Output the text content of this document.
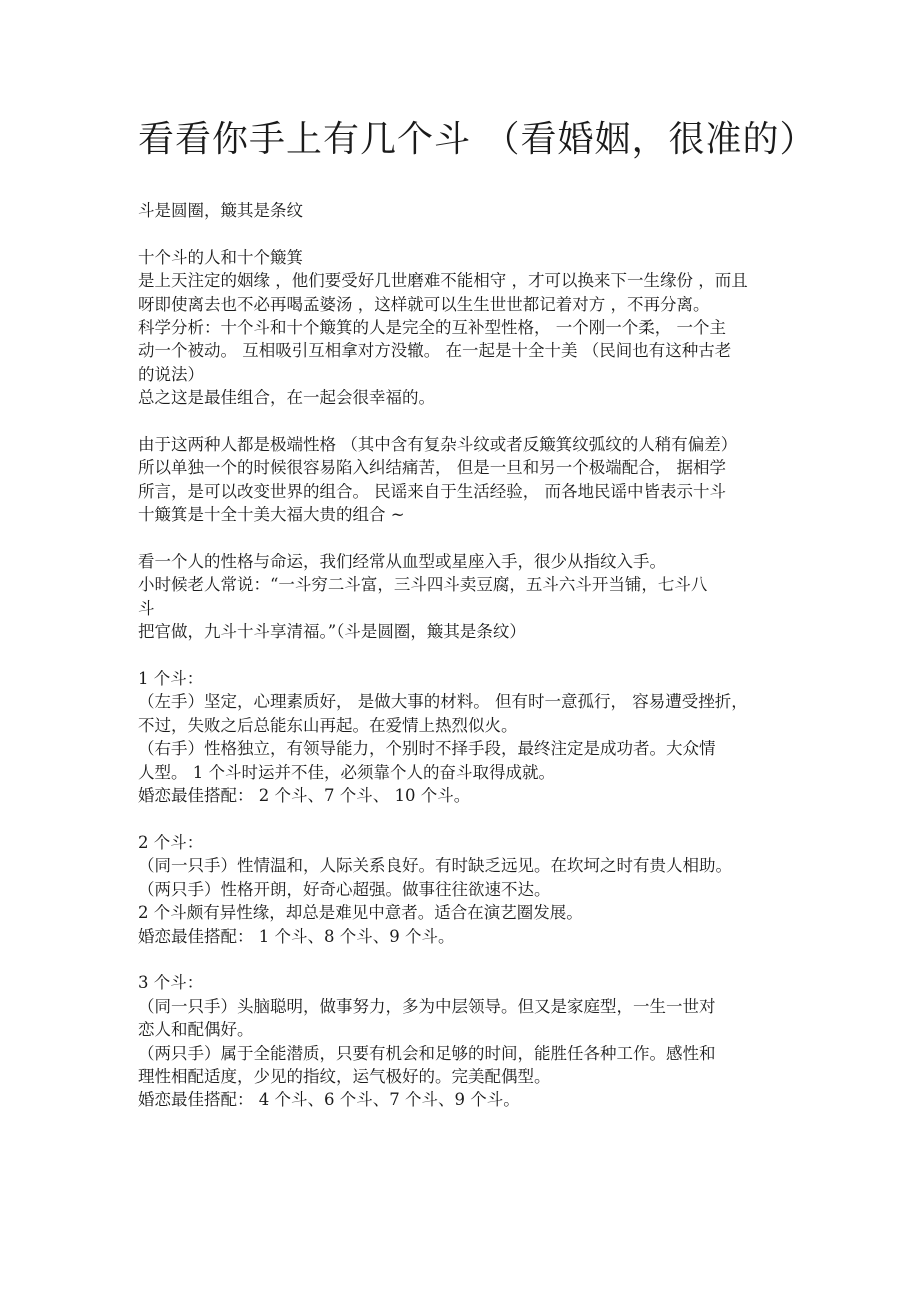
看看你手上有几个斗 （看婚姻，很准的）

斗是圆圈，簸其是条纹

十个斗的人和十个簸箕

是上天注定的姻缘 ，他们要受好几世磨难不能相守 ，才可以换来下一生缘份 ，而且

呀即使离去也不必再喝孟婆汤 ，这样就可以生生世世都记着对方 ，不再分离。

科学分析：十个斗和十个簸箕的人是完全的互补型性格， 一个刚一个柔， 一个主

动一个被动。 互相吸引互相拿对方没辙。 在一起是十全十美 （民间也有这种古老

的说法）

总之这是最佳组合，在一起会很幸福的。

由于这两种人都是极端性格 （其中含有复杂斗纹或者反簸箕纹弧纹的人稍有偏差）

所以单独一个的时候很容易陷入纠结痛苦， 但是一旦和另一个极端配合， 据相学

所言，是可以改变世界的组合。 民谣来自于生活经验， 而各地民谣中皆表示十斗

十簸箕是十全十美大福大贵的组合 ~

看一个人的性格与命运，我们经常从血型或星座入手，很少从指纹入手。

小时候老人常说：“一斗穷二斗富，三斗四斗卖豆腐，五斗六斗开当铺，七斗八

斗

把官做，九斗十斗享清福。”（斗是圆圈，簸其是条纹）

1 个斗：

（左手）坚定，心理素质好， 是做大事的材料。 但有时一意孤行， 容易遭受挫折，

不过，失败之后总能东山再起。在爱情上热烈似火。

（右手）性格独立，有领导能力，个别时不择手段，最终注定是成功者。大众情

人型。 1 个斗时运并不佳，必须靠个人的奋斗取得成就。

婚恋最佳搭配： 2 个斗、7 个斗、 10 个斗。

2 个斗：

（同一只手）性情温和，人际关系良好。有时缺乏远见。在坎坷之时有贵人相助。

（两只手）性格开朗，好奇心超强。做事往往欲速不达。

2 个斗颇有异性缘，却总是难见中意者。适合在演艺圈发展。

婚恋最佳搭配： 1 个斗、8 个斗、9 个斗。

3 个斗：

（同一只手）头脑聪明，做事努力，多为中层领导。但又是家庭型，一生一世对

恋人和配偶好。

（两只手）属于全能潜质，只要有机会和足够的时间，能胜任各种工作。感性和

理性相配适度，少见的指纹，运气极好的。完美配偶型。

婚恋最佳搭配： 4 个斗、6 个斗、7 个斗、9 个斗。
